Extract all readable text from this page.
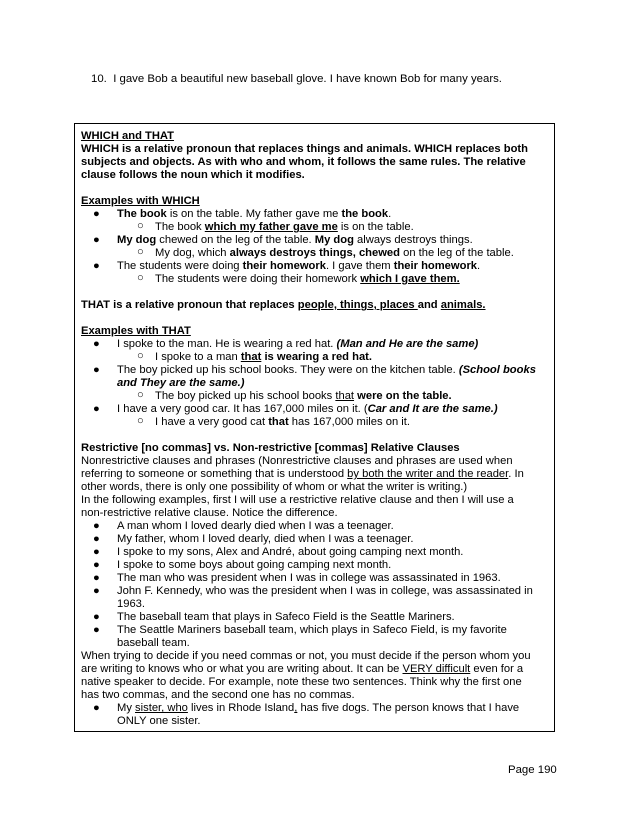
10. I gave Bob a beautiful new baseball glove. I have known Bob for many years.
WHICH and THAT
WHICH is a relative pronoun that replaces things and animals. WHICH replaces both
subjects and objects. As with who and whom, it follows the same rules. The relative
clause follows the noun which it modifies.
Examples with WHICH
●	The book is on the table. My father gave me the book.
○	The book which my father gave me is on the table.
●	My dog chewed on the leg of the table. My dog always destroys things.
○	My dog, which always destroys things, chewed on the leg of the table.
●	The students were doing their homework. I gave them their homework.
○	The students were doing their homework which I gave them.
THAT is a relative pronoun that replaces people, things, places and animals.
Examples with THAT
●	I spoke to the man. He is wearing a red hat. (Man and He are the same)
○	I spoke to a man that is wearing a red hat.
●	The boy picked up his school books. They were on the kitchen table. (School books
and They are the same.)
○	The boy picked up his school books that were on the table.
●	I have a very good car. It has 167,000 miles on it. (Car and It are the same.)
○	I have a very good cat that has 167,000 miles on it.
Restrictive [no commas] vs. Non-restrictive [commas] Relative Clauses
Nonrestrictive clauses and phrases (Nonrestrictive clauses and phrases are used when
referring to someone or something that is understood by both the writer and the reader. In
other words, there is only one possibility of whom or what the writer is writing.)
In the following examples, first I will use a restrictive relative clause and then I will use a
non-restrictive relative clause. Notice the difference.
●	A man whom I loved dearly died when I was a teenager.
●	My father, whom I loved dearly, died when I was a teenager.
●	I spoke to my sons, Alex and André, about going camping next month.
●	I spoke to some boys about going camping next month.
●	The man who was president when I was in college was assassinated in 1963.
●	John F. Kennedy, who was the president when I was in college, was assassinated in
1963.
●	The baseball team that plays in Safeco Field is the Seattle Mariners.
●	The Seattle Mariners baseball team, which plays in Safeco Field, is my favorite
baseball team.
When trying to decide if you need commas or not, you must decide if the person whom you
are writing to knows who or what you are writing about. It can be VERY difficult even for a
native speaker to decide. For example, note these two sentences. Think why the first one
has two commas, and the second one has no commas.
●	My sister, who lives in Rhode Island, has five dogs. The person knows that I have
ONLY one sister.
Page 190
